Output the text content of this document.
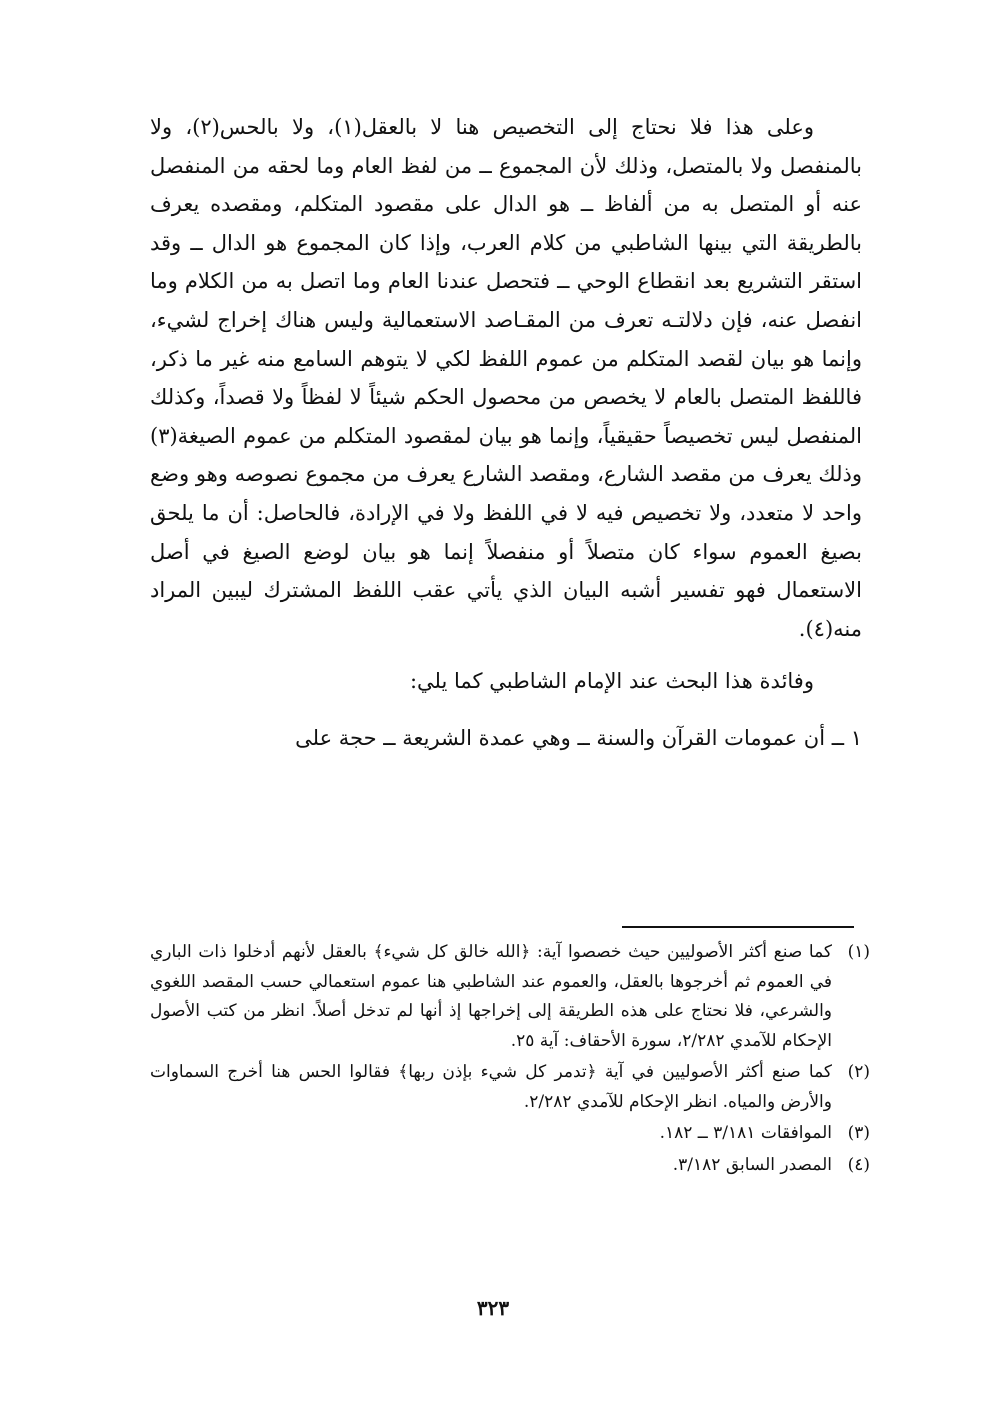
وعلى هذا فلا نحتاج إلى التخصيص هنا لا بالعقل(١)، ولا بالحس(٢)، ولا بالمنفصل ولا بالمتصل، وذلك لأن المجموع ــ من لفظ العام وما لحقه من المنفصل عنه أو المتصل به من ألفاظ ــ هو الدال على مقصود المتكلم، ومقصده يعرف بالطريقة التي بينها الشاطبي من كلام العرب، وإذا كان المجموع هو الدال ــ وقد استقر التشريع بعد انقطاع الوحي ــ فتحصل عندنا العام وما اتصل به من الكلام وما انفصل عنه، فإن دلالتـه تعرف من المقـاصد الاستعمالية وليس هناك إخراج لشيء، وإنما هو بيان لقصد المتكلم من عموم اللفظ لكي لا يتوهم السامع منه غير ما ذكر، فاللفظ المتصل بالعام لا يخصص من محصول الحكم شيئاً لا لفظاً ولا قصداً، وكذلك المنفصل ليس تخصيصاً حقيقياً، وإنما هو بيان لمقصود المتكلم من عموم الصيغة(٣) وذلك يعرف من مقصد الشارع، ومقصد الشارع يعرف من مجموع نصوصه وهو وضع واحد لا متعدد، ولا تخصيص فيه لا في اللفظ ولا في الإرادة، فالحاصل: أن ما يلحق بصيغ العموم سواء كان متصلاً أو منفصلاً إنما هو بيان لوضع الصيغ في أصل الاستعمال فهو تفسير أشبه البيان الذي يأتي عقب اللفظ المشترك ليبين المراد منه(٤).

وفائدة هذا البحث عند الإمام الشاطبي كما يلي:

١ ــ أن عمومات القرآن والسنة ــ وهي عمدة الشريعة ــ حجة على

(١)
كما صنع أكثر الأصوليين حيث خصصوا آية: ﴿الله خالق كل شيء﴾ بالعقل لأنهم أدخلوا ذات الباري في العموم ثم أخرجوها بالعقل، والعموم عند الشاطبي هنا عموم استعمالي حسب المقصد اللغوي والشرعي، فلا نحتاج على هذه الطريقة إلى إخراجها إذ أنها لم تدخل أصلاً. انظر من كتب الأصول الإحكام للآمدي ٢/٢٨٢، سورة الأحقاف: آية ٢٥.
(٢)
كما صنع أكثر الأصوليين في آية ﴿تدمر كل شيء بإذن ربها﴾ فقالوا الحس هنا أخرج السماوات والأرض والمياه. انظر الإحكام للآمدي ٢/٢٨٢.
(٣)
الموافقات ٣/١٨١ ــ ١٨٢.
(٤)
المصدر السابق ٣/١٨٢.
٣٢٣
